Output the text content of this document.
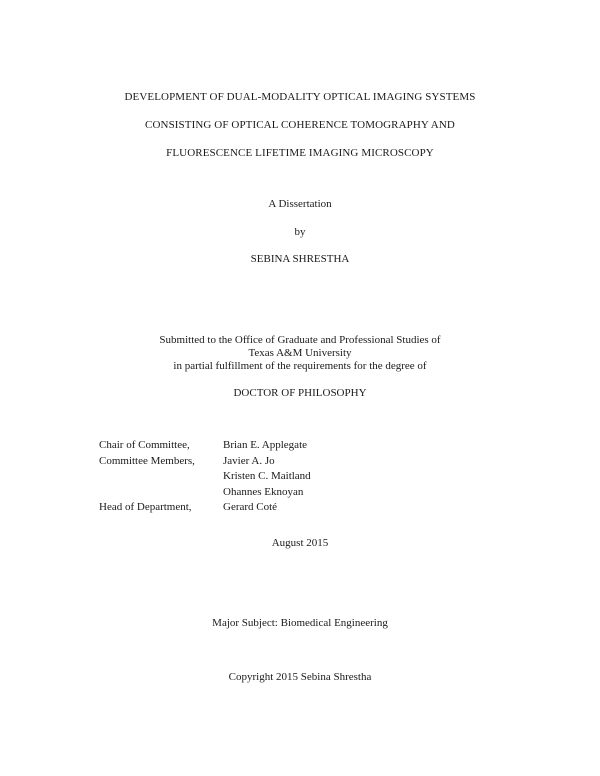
DEVELOPMENT OF DUAL-MODALITY OPTICAL IMAGING SYSTEMS
CONSISTING OF OPTICAL COHERENCE TOMOGRAPHY AND
FLUORESCENCE LIFETIME IMAGING MICROSCOPY
A Dissertation
by
SEBINA SHRESTHA
Submitted to the Office of Graduate and Professional Studies of
Texas A&M University
in partial fulfillment of the requirements for the degree of
DOCTOR OF PHILOSOPHY
Chair of Committee,	Brian E. Applegate
Committee Members,	Javier A. Jo
Kristen C. Maitland
Ohannes Eknoyan
Head of Department,	Gerard Coté
August 2015
Major Subject: Biomedical Engineering
Copyright 2015 Sebina Shrestha
